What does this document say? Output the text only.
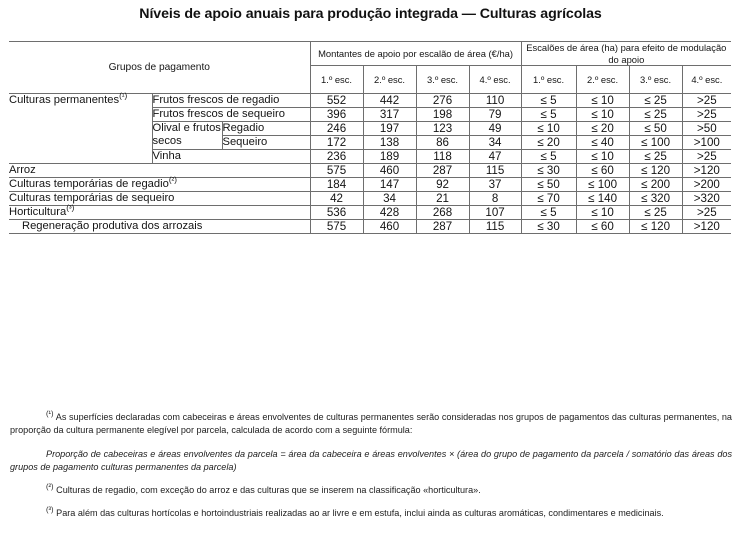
Níveis de apoio anuais para produção integrada — Culturas agrícolas
Grupos de pagamento			Montantes de apoio por escalão de área (€/ha)				Escalões de área (ha) para efeito de modulação do apoio			
			1.º esc.	2.º esc.	3.º esc.	4.º esc.	1.º esc.	2.º esc.	3.º esc.	4.º esc.
Culturas permanentes$^{(^1)}$	Frutos frescos de regadio		552	442	276	110	≤ 5	≤ 10	≤ 25	>25
	Frutos frescos de sequeiro		396	317	198	79	≤ 5	≤ 10	≤ 25	>25
	Olival e frutos secos	Regadio	246	197	123	49	≤ 10	≤ 20	≤ 50	>50
		Sequeiro	172	138	86	34	≤ 20	≤ 40	≤ 100	>100
	Vinha		236	189	118	47	≤ 5	≤ 10	≤ 25	>25
Arroz			575	460	287	115	≤ 30	≤ 60	≤ 120	>120
Culturas temporárias de regadio$^{(^2)}$			184	147	92	37	≤ 50	≤ 100	≤ 200	>200
Culturas temporárias de sequeiro			42	34	21	8	≤ 70	≤ 140	≤ 320	>320
Horticultura$^{(^3)}$			536	428	268	107	≤ 5	≤ 10	≤ 25	>25
Regeneração produtiva dos arrozais			575	460	287	115	≤ 30	≤ 60	≤ 120	>120

$^{(^1)}$ As superfícies declaradas com cabeceiras e áreas envolventes de culturas permanentes serão consideradas nos grupos de pagamentos das culturas permanentes, na proporção da cultura permanente elegível por parcela, calculada de acordo com a seguinte fórmula:

Proporção de cabeceiras e áreas envolventes da parcela = área da cabeceira e áreas envolventes × (área do grupo de pagamento da parcela / somatório das áreas dos grupos de pagamento culturas permanentes da parcela)

$^{(^2)}$ Culturas de regadio, com exceção do arroz e das culturas que se inserem na classificação «horticultura».

$^{(^3)}$ Para além das culturas hortícolas e hortoindustriais realizadas ao ar livre e em estufa, inclui ainda as culturas aromáticas, condimentares e medicinais.
